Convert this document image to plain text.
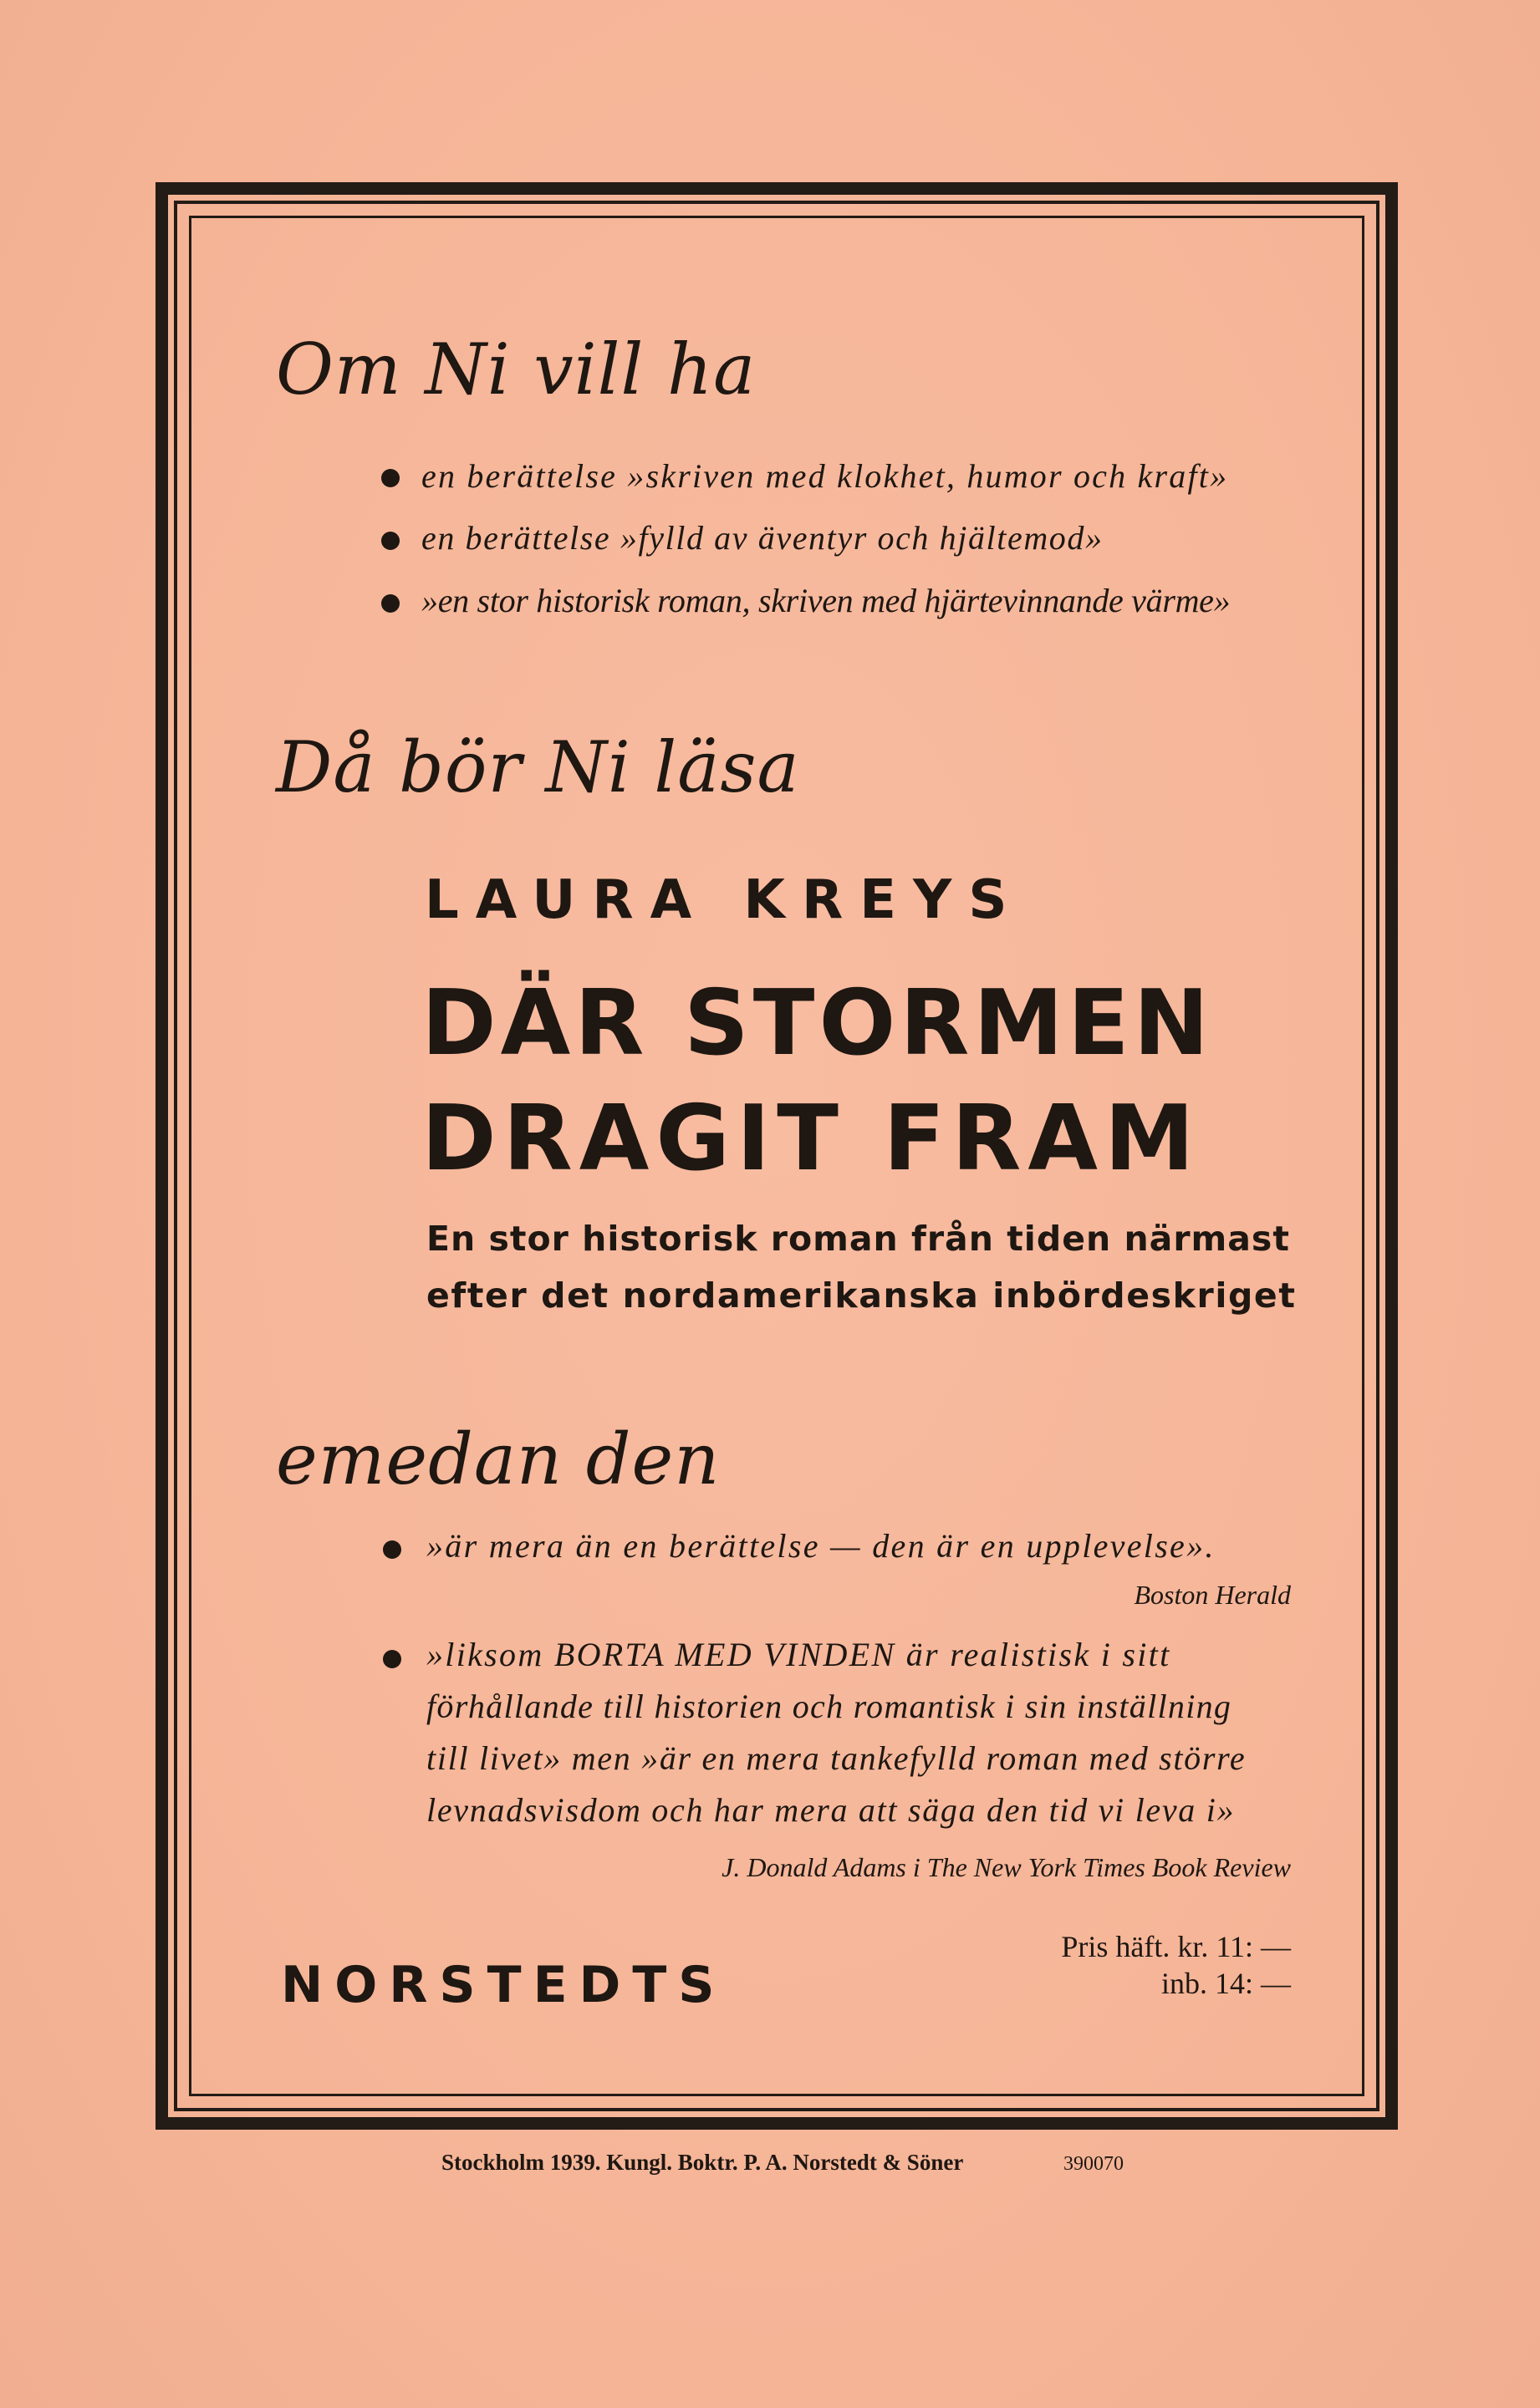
Om Ni vill ha
en berättelse »skriven med klokhet, humor och kraft»
en berättelse »fylld av äventyr och hjältemod»
»en stor historisk roman, skriven med hjärtevinnande värme»
Då bör Ni läsa
LAURA KREYS
DÄR STORMEN
DRAGIT FRAM
En stor historisk roman från tiden närmast
efter det nordamerikanska inbördeskriget
emedan den
»är mera än en berättelse — den är en upplevelse».
Boston Herald
»liksom BORTA MED VINDEN är realistisk i sitt
förhållande till historien och romantisk i sin inställning
till livet» men »är en mera tankefylld roman med större
levnadsvisdom och har mera att säga den tid vi leva i»
J. Donald Adams i The New York Times Book Review
NORSTEDTS
Pris häft. kr. 11: —
inb. 14: —
Stockholm 1939. Kungl. Boktr. P. A. Norstedt & Söner	390070
